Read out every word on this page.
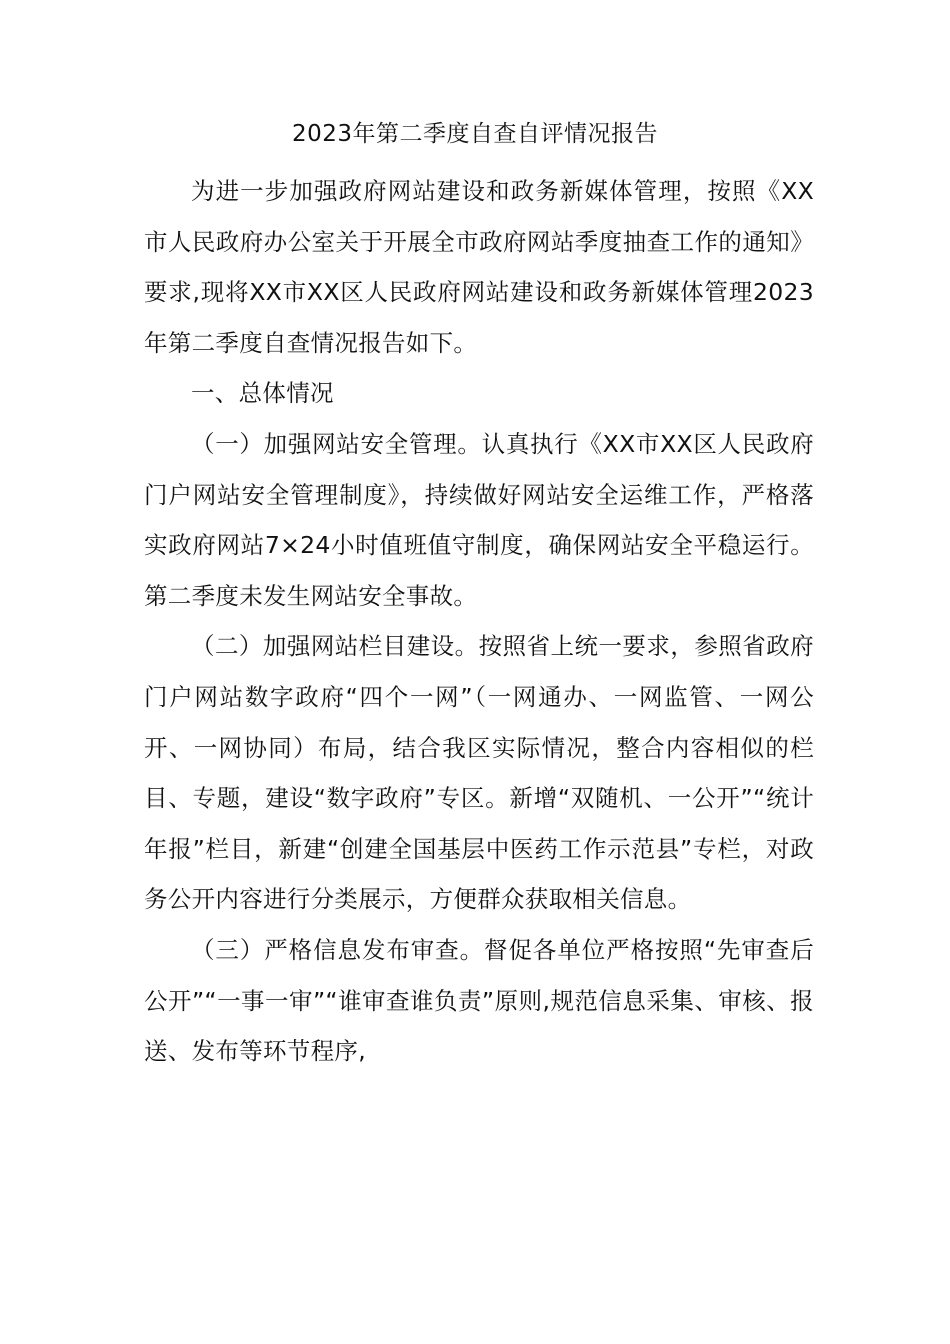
2023年第二季度自查自评情况报告

为进一步加强政府网站建设和政务新媒体管理，按照《XX市人民政府办公室关于开展全市政府网站季度抽查工作的通知》要求,现将XX市XX区人民政府网站建设和政务新媒体管理2023年第二季度自查情况报告如下。

一、总体情况

（一）加强网站安全管理。认真执行《XX市XX区人民政府门户网站安全管理制度》，持续做好网站安全运维工作，严格落实政府网站7×24小时值班值守制度，确保网站安全平稳运行。第二季度未发生网站安全事故。

（二）加强网站栏目建设。按照省上统一要求，参照省政府门户网站数字政府“四个一网”（一网通办、一网监管、一网公开、一网协同）布局，结合我区实际情况，整合内容相似的栏目、专题，建设“数字政府”专区。新增“双随机、一公开”“统计年报”栏目，新建“创建全国基层中医药工作示范县”专栏，对政务公开内容进行分类展示，方便群众获取相关信息。

（三）严格信息发布审查。督促各单位严格按照“先审查后公开”“一事一审”“谁审查谁负责”原则,规范信息采集、审核、报送、发布等环节程序,
